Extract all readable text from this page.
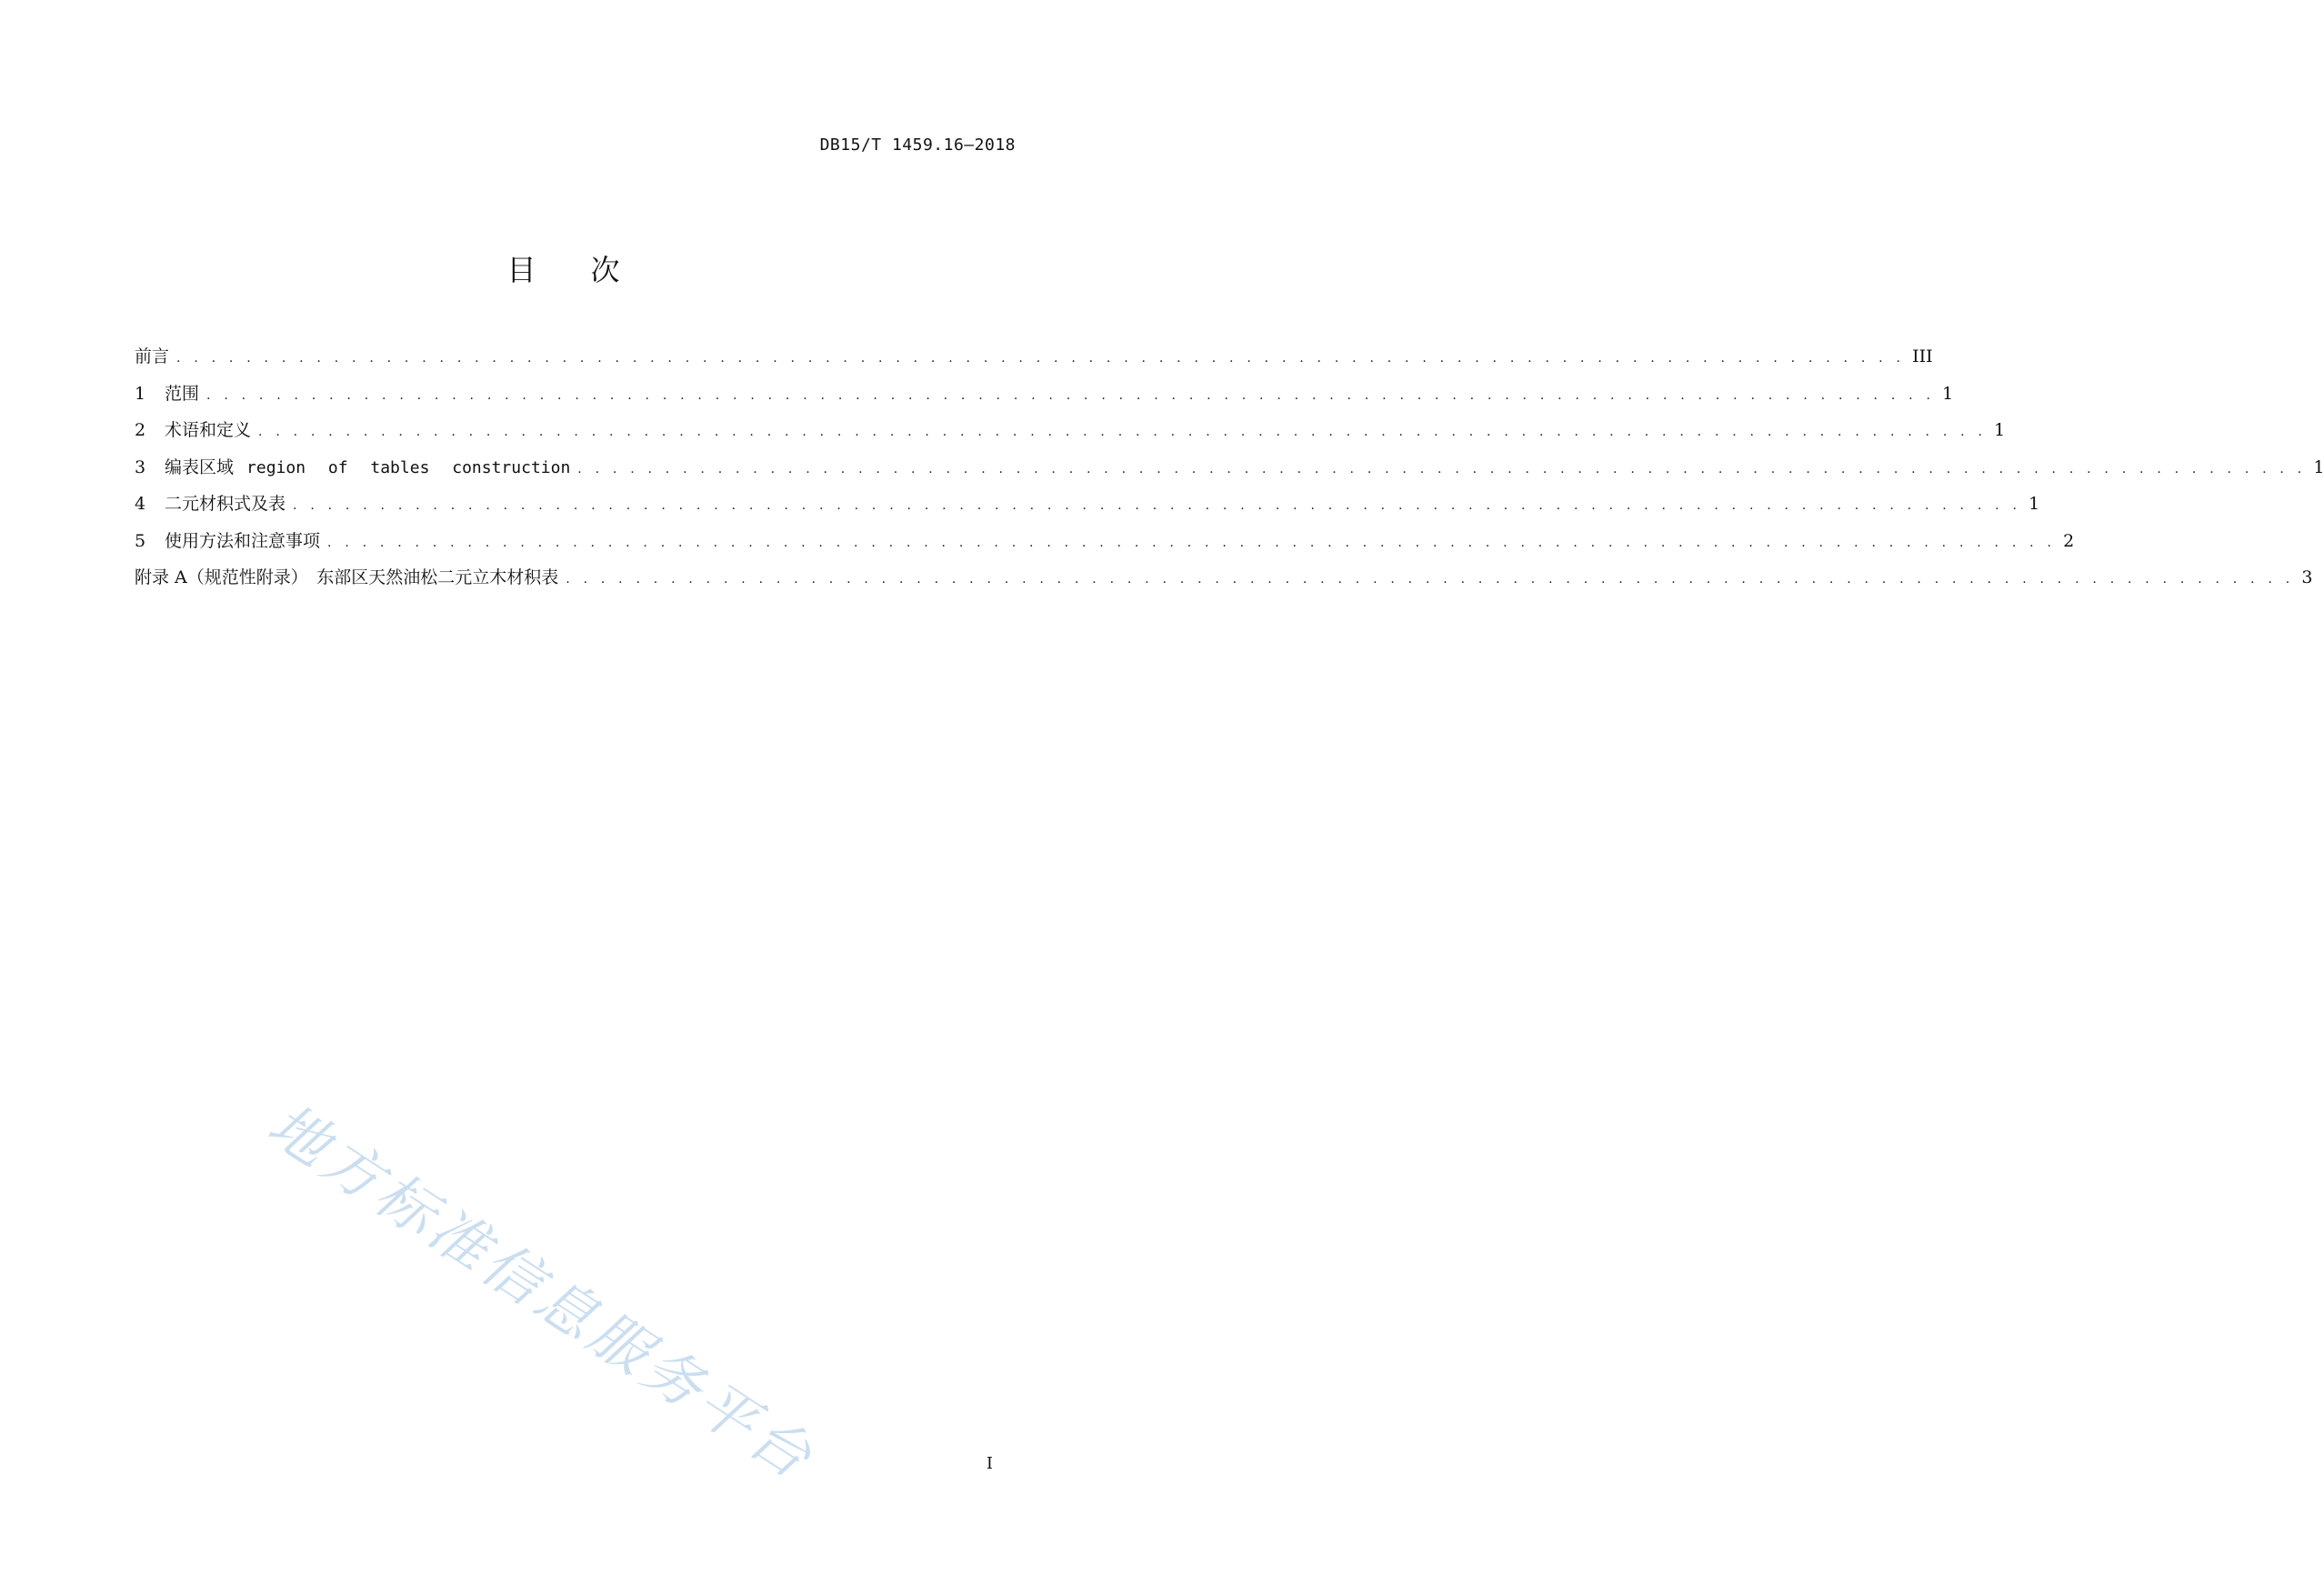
DB15/T 1459.16—2018
目 次
前言 . . . . . . . . . . . . . . . . . . . . . . . . . . . . . . . . . . . . . . . . . . . . . . . . . . . . . . . . . . . . . . . . . . . . . . . . . . . . . . . . . . . . . . . . . . . . . . . . . . . III
1	范围 . . . . . . . . . . . . . . . . . . . . . . . . . . . . . . . . . . . . . . . . . . . . . . . . . . . . . . . . . . . . . . . . . . . . . . . . . . . . . . . . . . . . . . . . . . . . . . . . . . . 1
2	术语和定义 . . . . . . . . . . . . . . . . . . . . . . . . . . . . . . . . . . . . . . . . . . . . . . . . . . . . . . . . . . . . . . . . . . . . . . . . . . . . . . . . . . . . . . . . . . . . . . . . . . . 1
3	编表区域 region of tables construction . . . . . . . . . . . . . . . . . . . . . . . . . . . . . . . . . . . . . . . . . . . . . . . . . . . . . . . . . . . . . . . . . . . . . . . . . . . . . . . . . . . . . . . . . . . . . . . . . . . 1
4	二元材积式及表 . . . . . . . . . . . . . . . . . . . . . . . . . . . . . . . . . . . . . . . . . . . . . . . . . . . . . . . . . . . . . . . . . . . . . . . . . . . . . . . . . . . . . . . . . . . . . . . . . . . 1
5	使用方法和注意事项 . . . . . . . . . . . . . . . . . . . . . . . . . . . . . . . . . . . . . . . . . . . . . . . . . . . . . . . . . . . . . . . . . . . . . . . . . . . . . . . . . . . . . . . . . . . . . . . . . . . 2
附录 A（规范性附录）　东部区天然油松二元立木材积表 . . . . . . . . . . . . . . . . . . . . . . . . . . . . . . . . . . . . . . . . . . . . . . . . . . . . . . . . . . . . . . . . . . . . . . . . . . . . . . . . . . . . . . . . . . . . . . . . . . . 3
地方标准信息服务平台	I
